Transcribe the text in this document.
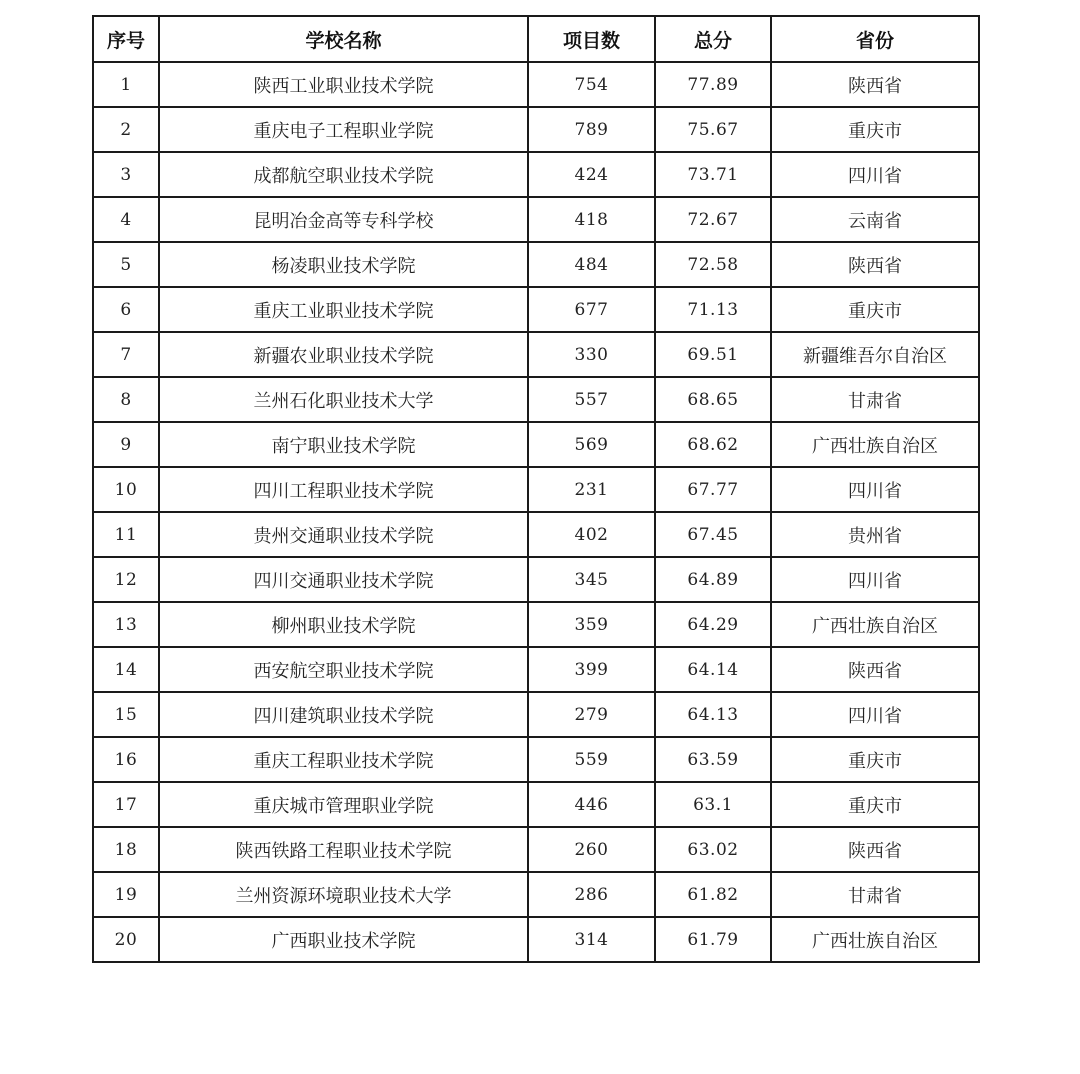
序号	学校名称	项目数	总分	省份
1	陕西工业职业技术学院	754	77.89	陕西省
2	重庆电子工程职业学院	789	75.67	重庆市
3	成都航空职业技术学院	424	73.71	四川省
4	昆明冶金高等专科学校	418	72.67	云南省
5	杨凌职业技术学院	484	72.58	陕西省
6	重庆工业职业技术学院	677	71.13	重庆市
7	新疆农业职业技术学院	330	69.51	新疆维吾尔自治区
8	兰州石化职业技术大学	557	68.65	甘肃省
9	南宁职业技术学院	569	68.62	广西壮族自治区
10	四川工程职业技术学院	231	67.77	四川省
11	贵州交通职业技术学院	402	67.45	贵州省
12	四川交通职业技术学院	345	64.89	四川省
13	柳州职业技术学院	359	64.29	广西壮族自治区
14	西安航空职业技术学院	399	64.14	陕西省
15	四川建筑职业技术学院	279	64.13	四川省
16	重庆工程职业技术学院	559	63.59	重庆市
17	重庆城市管理职业学院	446	63.1	重庆市
18	陕西铁路工程职业技术学院	260	63.02	陕西省
19	兰州资源环境职业技术大学	286	61.82	甘肃省
20	广西职业技术学院	314	61.79	广西壮族自治区
